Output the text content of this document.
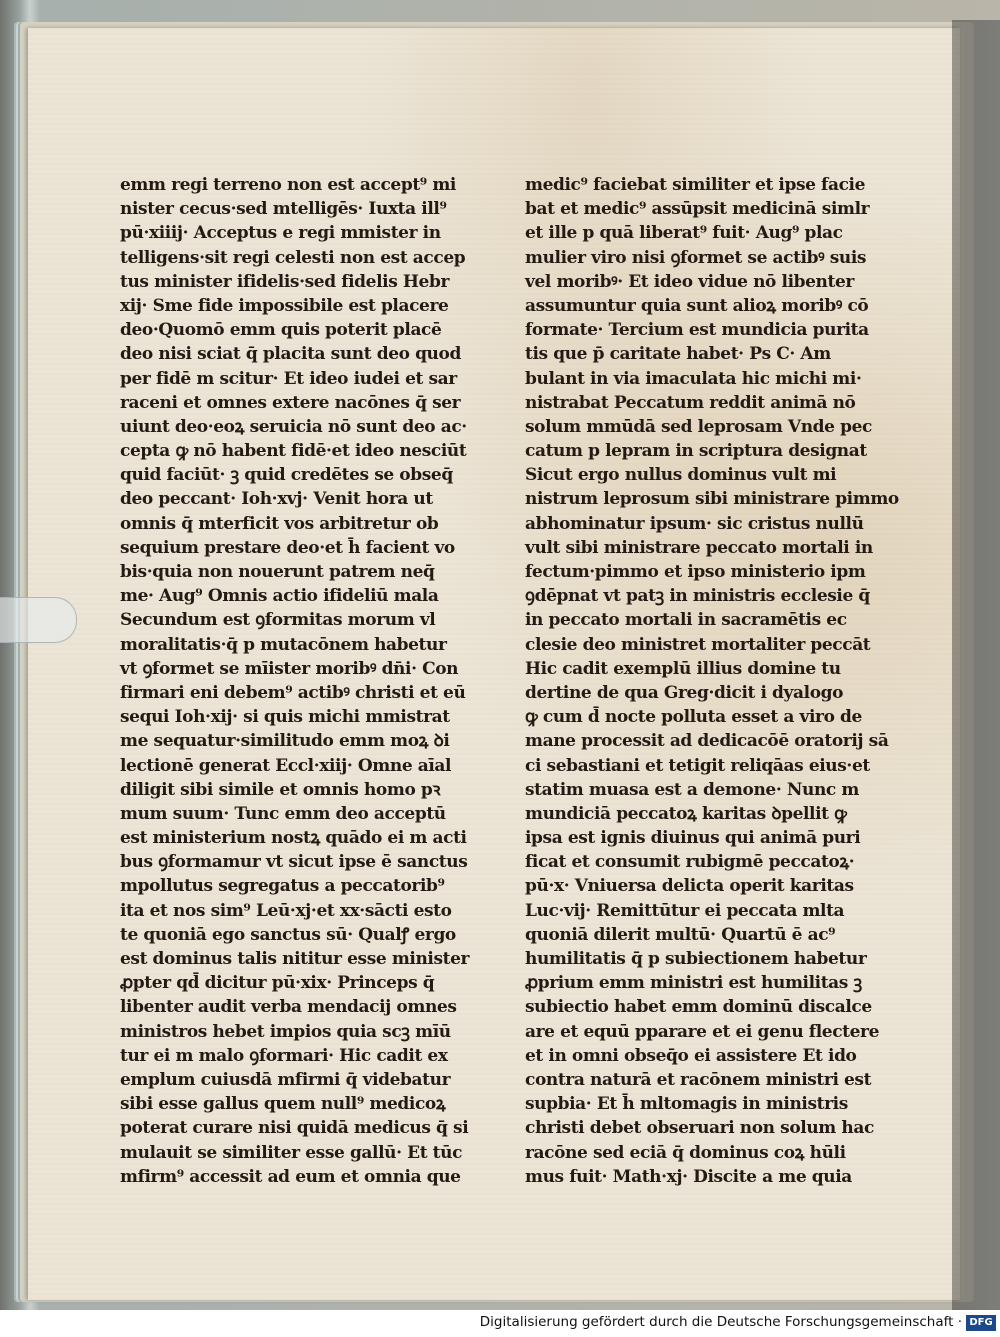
emm regi terreno non est accept⁹ mi
nister cecus·sed mtelligēs· Iuxta ill⁹
pū·xiiij· Acceptus e regi mmister in
telligens·sit regi celesti non est accep
tus minister ifidelis·sed fidelis Hebr
xij· Sme fide impossibile est placere
deo·Quomō emm quis poterit placē
deo nisi sciat q̄ placita sunt deo quod
per fidē m scitur· Et ideo iudei et sar
raceni et omnes extere nacōnes q̄ ser
uiunt deo·eoꝝ seruicia nō sunt deo ac·
cepta ꝙ nō habent fidē·et ideo nesciūt
quid faciūt· ꝫ quid credētes se obseq̄
deo peccant· Ioh·xvj· Venit hora ut
omnis q̄ mterficit vos arbitretur ob
sequium prestare deo·et h̄ facient vo
bis·quia non nouerunt patrem neq̄
me· Aug⁹ Omnis actio ifideliū mala
Secundum est ꝯformitas morum vl
moralitatis·q̄ p mutacōnem habetur
vt ꝯformet se mīister moribꝰ dn̄i· Con
firmari eni debem⁹ actibꝰ christi et eū
sequi Ioh·xij· si quis michi mmistrat
me sequatur·similitudo emm moꝝ ꝺi
lectionē generat Eccl·xiij· Omne aīal
diligit sibi simile et omnis homo pꝛ
mum suum· Tunc emm deo acceptū
est ministerium nostꝝ quādo ei m acti
bus ꝯformamur vt sicut ipse ē sanctus
mpollutus segregatus a peccatorib⁹
ita et nos sim⁹ Leū·xj·et xx·sācti esto
te quoniā ego sanctus sū· Qualꝭ ergo
est dominus talis nititur esse minister
ꝓpter qd̄ dicitur pū·xix· Princeps q̄
libenter audit verba mendacij omnes
ministros hebet impios quia scꝫ mīū
tur ei m malo ꝯformari· Hic cadit ex
emplum cuiusdā mfirmi q̄ videbatur
sibi esse gallus quem null⁹ medicoꝝ
poterat curare nisi quidā medicus q̄ si
mulauit se similiter esse gallū· Et tūc
mfirm⁹ accessit ad eum et omnia que
medic⁹ faciebat similiter et ipse facie
bat et medic⁹ assūpsit medicinā simlr
et ille p quā liberat⁹ fuit· Aug⁹ plac
mulier viro nisi ꝯformet se actibꝰ suis
vel moribꝰ· Et ideo vidue nō libenter
assumuntur quia sunt alioꝝ moribꝰ cō
formate· Tercium est mundicia purita
tis que p̄ caritate habet· Ps C· Am
bulant in via imaculata hic michi mi·
nistrabat Peccatum reddit animā nō
solum mmūdā sed leprosam Vnde pec
catum p lepram in scriptura designat
Sicut ergo nullus dominus vult mi
nistrum leprosum sibi ministrare pimmo
abhominatur ipsum· sic cristus nullū
vult sibi ministrare peccato mortali in
fectum·pimmo et ipso ministerio ipm
ꝯdēpnat vt patꝫ in ministris ecclesie q̄
in peccato mortali in sacramētis ec
clesie deo ministret mortaliter peccāt
Hic cadit exemplū illius domine tu
dertine de qua Greg·dicit i dyalogo
ꝙ cum d̄ nocte polluta esset a viro de
mane processit ad dedicacōē oratorij sā
ci sebastiani et tetigit reliqāas eius·et
statim muasa est a demone· Nunc m
mundiciā peccatoꝝ karitas ꝺpellit ꝙ
ipsa est ignis diuinus qui animā puri
ficat et consumit rubigmē peccatoꝝ·
pū·x· Vniuersa delicta operit karitas
Luc·vij· Remittūtur ei peccata mlta
quoniā dilerit multū· Quartū ē ac⁹
humilitatis q̄ p subiectionem habetur
ꝓprium emm ministri est humilitas ꝫ
subiectio habet emm dominū discalce
are et equū pparare et ei genu flectere
et in omni obseq̄o ei assistere Et ido
contra naturā et racōnem ministri est
supbia· Et h̄ mltomagis in ministris
christi debet obseruari non solum hac
racōne sed eciā q̄ dominus coꝝ hūli
mus fuit· Math·xj· Discite a me quia
Digitalisierung gefördert durch die Deutsche Forschungsgemeinschaft · DFG
